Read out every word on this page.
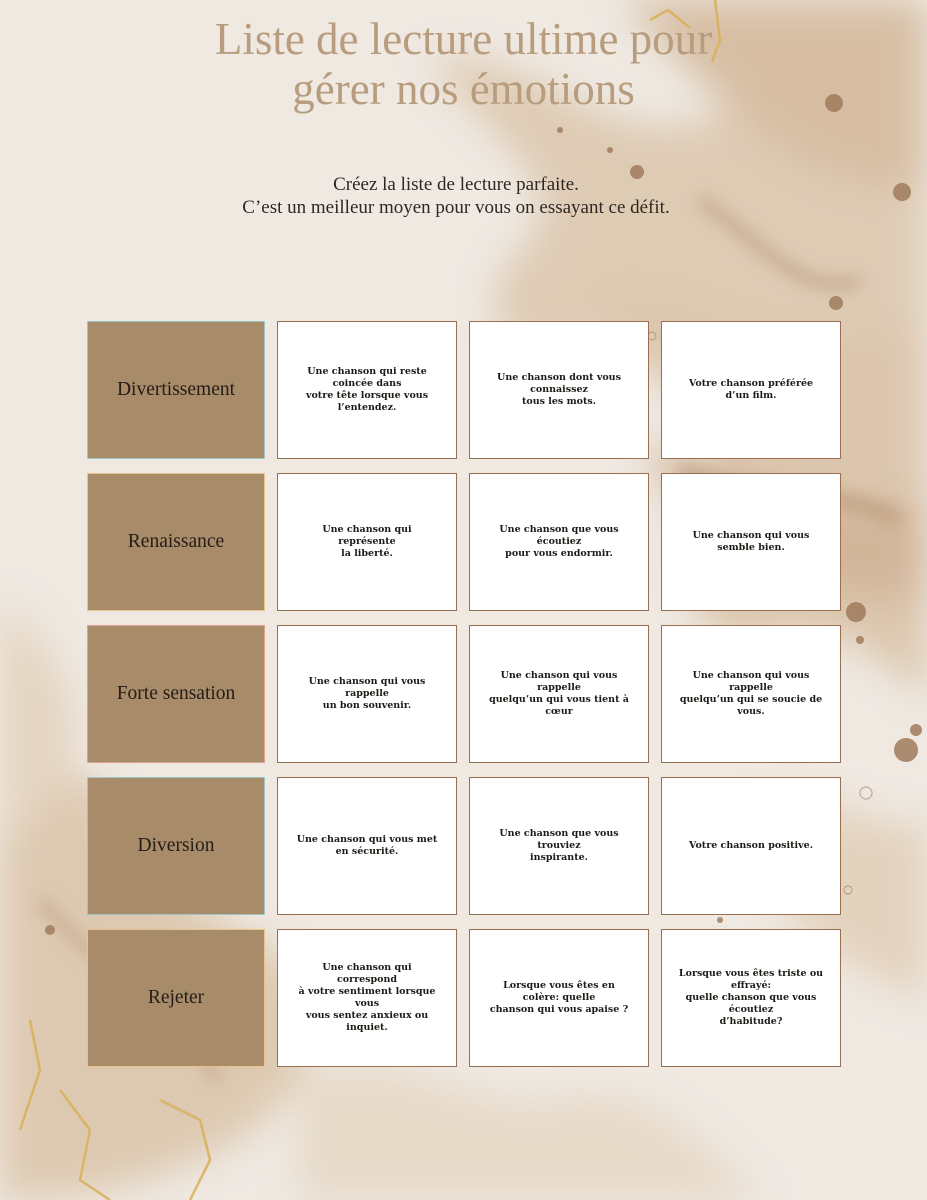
Liste de lecture ultime pour
gérer nos émotions
Créez la liste de lecture parfaite.
C’est un meilleur moyen pour vous on essayant ce défit.
Divertissement
Une chanson qui reste coincée dans
votre tête lorsque vous l’entendez.
Une chanson dont vous connaissez
tous les mots.
Votre chanson préférée
d’un film.
Renaissance
Une chanson qui représente
la liberté.
Une chanson que vous écoutiez
pour vous endormir.
Une chanson qui vous
semble bien.
Forte sensation
Une chanson qui vous rappelle
un bon souvenir.
Une chanson qui vous rappelle
quelqu’un qui vous tient à cœur
Une chanson qui vous rappelle
quelqu’un qui se soucie de vous.
Diversion	Une chanson qui vous met
en sécurité.
Une chanson que vous trouviez
inspirante.
Votre chanson positive.
Rejeter
Une chanson qui correspond
à votre sentiment lorsque vous
vous sentez anxieux ou inquiet.
Lorsque vous êtes en colère: quelle
chanson qui vous apaise ?
Lorsque vous êtes triste ou effrayé:
quelle chanson que vous écoutiez
d’habitude?
